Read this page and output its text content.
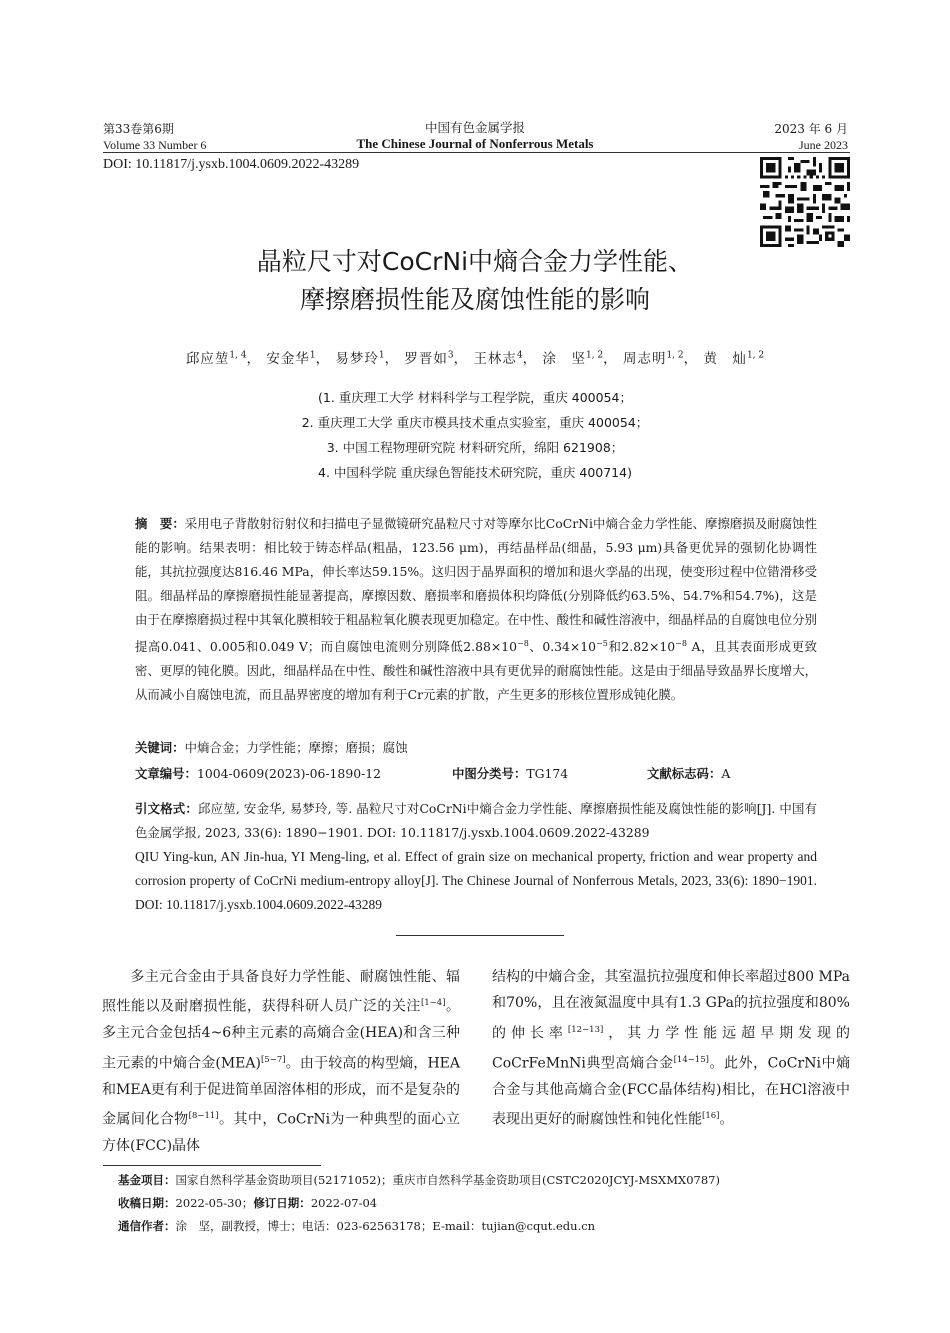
第33卷第6期
Volume 33 Number 6
中国有色金属学报
The Chinese Journal of Nonferrous Metals
2023 年 6 月
June 2023
DOI: 10.11817/j.ysxb.1004.0609.2022-43289
晶粒尺寸对CoCrNi中熵合金力学性能、
摩擦磨损性能及腐蚀性能的影响
邱应堃$^{1, 4}$， 安金华$^1$， 易梦玲$^1$， 罗晋如$^3$， 王林志$^4$， 涂　坚$^{1, 2}$， 周志明$^{1, 2}$， 黄　灿$^{1, 2}$
(1. 重庆理工大学 材料科学与工程学院，重庆 400054；
2. 重庆理工大学 重庆市模具技术重点实验室，重庆 400054；
3. 中国工程物理研究院 材料研究所，绵阳 621908；
4. 中国科学院 重庆绿色智能技术研究院，重庆 400714)
摘　要：采用电子背散射衍射仪和扫描电子显微镜研究晶粒尺寸对等摩尔比CoCrNi中熵合金力学性能、摩擦磨损及耐腐蚀性能的影响。结果表明：相比较于铸态样品(粗晶，123.56 μm)，再结晶样品(细晶，5.93 μm)具备更优异的强韧化协调性能，其抗拉强度达816.46 MPa，伸长率达59.15%。这归因于晶界面积的增加和退火孪晶的出现，使变形过程中位错滑移受阻。细晶样品的摩擦磨损性能显著提高，摩擦因数、磨损率和磨损体积均降低(分别降低约63.5%、54.7%和54.7%)，这是由于在摩擦磨损过程中其氧化膜相较于粗晶粒氧化膜表现更加稳定。在中性、酸性和碱性溶液中，细晶样品的自腐蚀电位分别提高0.041、0.005和0.049 V；而自腐蚀电流则分别降低$2.88\times 10^{-8}$、$0.34\times 10^{-5}$和$2.82\times 10^{-8}$ A，且其表面形成更致密、更厚的钝化膜。因此，细晶样品在中性、酸性和碱性溶液中具有更优异的耐腐蚀性能。这是由于细晶导致晶界长度增大，从而减小自腐蚀电流，而且晶界密度的增加有利于Cr元素的扩散，产生更多的形核位置形成钝化膜。
关键词：中熵合金；力学性能；摩擦；磨损；腐蚀
文章编号：1004-0609(2023)-06-1890-12	中图分类号：TG174	文献标志码：A
引文格式：邱应堃, 安金华, 易梦玲, 等. 晶粒尺寸对CoCrNi中熵合金力学性能、摩擦磨损性能及腐蚀性能的影响[J]. 中国有色金属学报, 2023, 33(6): 1890−1901. DOI: 10.11817/j.ysxb.1004.0609.2022-43289
QIU Ying-kun, AN Jin-hua, YI Meng-ling, et al. Effect of grain size on mechanical property, friction and wear property and corrosion property of CoCrNi medium-entropy alloy[J]. The Chinese Journal of Nonferrous Metals, 2023, 33(6): 1890−1901. DOI: 10.11817/j.ysxb.1004.0609.2022-43289
多主元合金由于具备良好力学性能、耐腐蚀性能、辐照性能以及耐磨损性能，获得科研人员广泛的关注[1−4]。多主元合金包括4~6种主元素的高熵合金(HEA)和含三种主元素的中熵合金(MEA)[5−7]。由于较高的构型熵，HEA和MEA更有利于促进简单固溶体相的形成，而不是复杂的金属间化合物[8−11]。其中，CoCrNi为一种典型的面心立方体(FCC)晶体
结构的中熵合金，其室温抗拉强度和伸长率超过800 MPa和70%，且在液氮温度中具有1.3 GPa的抗拉强度和80%的伸长率[12−13]，其力学性能远超早期发现的CoCrFeMnNi典型高熵合金[14−15]。此外，CoCrNi中熵合金与其他高熵合金(FCC晶体结构)相比，在HCl溶液中表现出更好的耐腐蚀性和钝化性能[16]。
基金项目：国家自然科学基金资助项目(52171052)；重庆市自然科学基金资助项目(CSTC2020JCYJ-MSXMX0787)
收稿日期：2022-05-30；修订日期：2022-07-04
通信作者：涂　坚，副教授，博士；电话：023-62563178；E-mail：tujian@cqut.edu.cn
